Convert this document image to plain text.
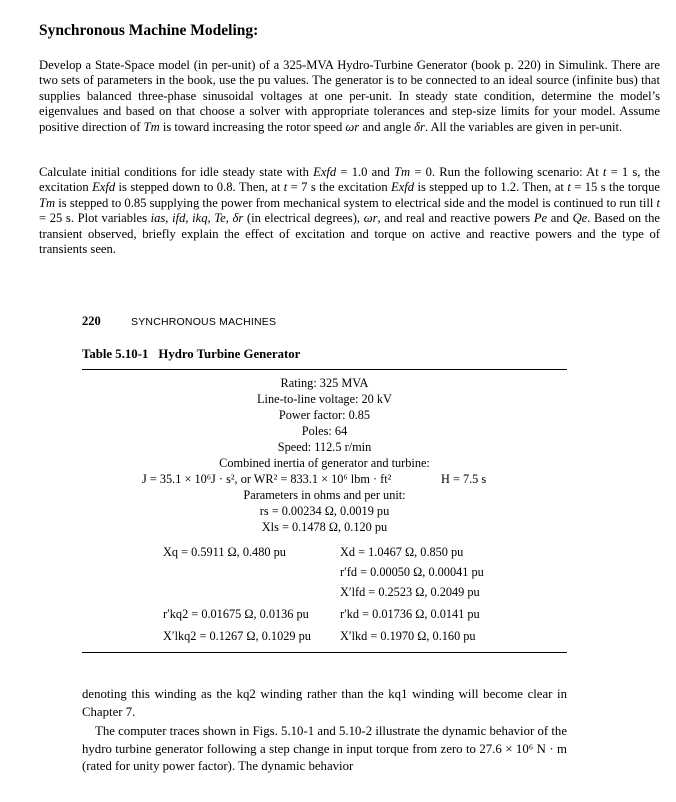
Synchronous Machine Modeling:
Develop a State-Space model (in per-unit) of a 325-MVA Hydro-Turbine Generator (book p. 220) in Simulink. There are two sets of parameters in the book, use the pu values. The generator is to be connected to an ideal source (infinite bus) that supplies balanced three-phase sinusoidal voltages at one per-unit. In steady state condition, determine the model’s eigenvalues and based on that choose a solver with appropriate tolerances and step-size limits for your model. Assume positive direction of Tm is toward increasing the rotor speed ωr and angle δr. All the variables are given in per-unit.
Calculate initial conditions for idle steady state with Exfd = 1.0 and Tm = 0. Run the following scenario: At t = 1 s, the excitation Exfd is stepped down to 0.8. Then, at t = 7 s the excitation Exfd is stepped up to 1.2. Then, at t = 15 s the torque Tm is stepped to 0.85 supplying the power from mechanical system to electrical side and the model is continued to run till t = 25 s. Plot variables ias, ifd, ikq, Te, δr (in electrical degrees), ωr, and real and reactive powers Pe and Qe. Based on the transient observed, briefly explain the effect of excitation and torque on active and reactive powers and the type of transients seen.
220	SYNCHRONOUS MACHINES
Table 5.10-1 Hydro Turbine Generator
Rating: 325 MVA
Line-to-line voltage: 20 kV
Power factor: 0.85
Poles: 64
Speed: 112.5 r/min
Combined inertia of generator and turbine:
J = 35.1 × 10⁶J · s², or WR² = 833.1 × 10⁶ lbm · ft²	H = 7.5 s
Parameters in ohms and per unit:
rs = 0.00234 Ω, 0.0019 pu
Xls = 0.1478 Ω, 0.120 pu
Xq = 0.5911 Ω, 0.480 pu	Xd = 1.0467 Ω, 0.850 pu
r′fd = 0.00050 Ω, 0.00041 pu
X′lfd = 0.2523 Ω, 0.2049 pu
r′kq2 = 0.01675 Ω, 0.0136 pu	r′kd = 0.01736 Ω, 0.0141 pu
X′lkq2 = 0.1267 Ω, 0.1029 pu X′lkd = 0.1970 Ω, 0.160 pu
denoting this winding as the kq2 winding rather than the kq1 winding will become clear in Chapter 7.
The computer traces shown in Figs. 5.10-1 and 5.10-2 illustrate the dynamic behavior of the hydro turbine generator following a step change in input torque from zero to 27.6 × 10⁶ N · m (rated for unity power factor). The dynamic behavior
